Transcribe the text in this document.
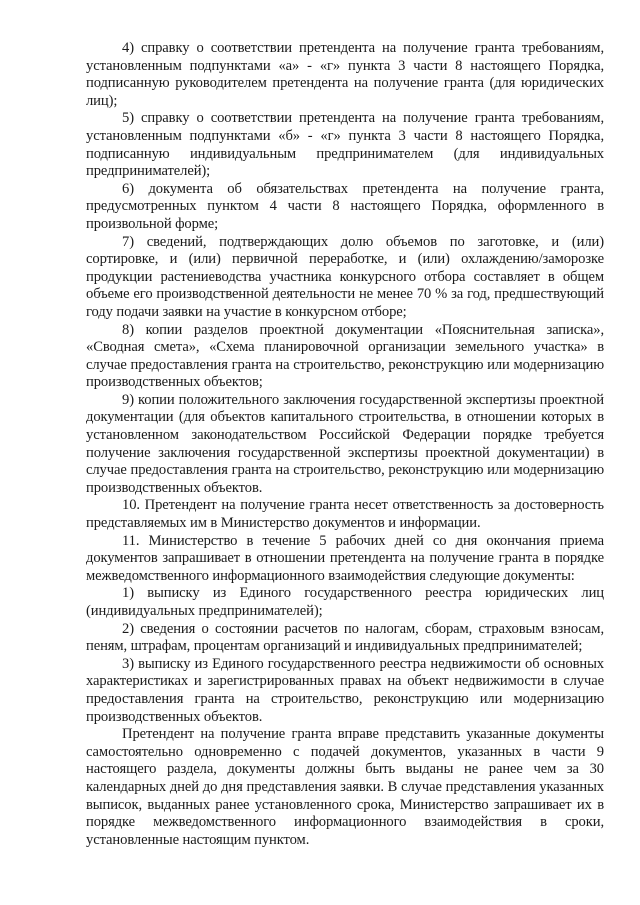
4) справку о соответствии претендента на получение гранта требованиям, установленным подпунктами «а» - «г» пункта 3 части 8 настоящего Порядка, подписанную руководителем претендента на получение гранта (для юридических лиц);

5) справку о соответствии претендента на получение гранта требованиям, установленным подпунктами «б» - «г» пункта 3 части 8 настоящего Порядка, подписанную индивидуальным предпринимателем (для индивидуальных предпринимателей);

6) документа об обязательствах претендента на получение гранта, предусмотренных пунктом 4 части 8 настоящего Порядка, оформленного в произвольной форме;

7) сведений, подтверждающих долю объемов по заготовке, и (или) сортировке, и (или) первичной переработке, и (или) охлаждению/заморозке продукции растениеводства участника конкурсного отбора составляет в общем объеме его производственной деятельности не менее 70 % за год, предшествующий году подачи заявки на участие в конкурсном отборе;

8) копии разделов проектной документации «Пояснительная записка», «Сводная смета», «Схема планировочной организации земельного участка» в случае предоставления гранта на строительство, реконструкцию или модернизацию производственных объектов;

9) копии положительного заключения государственной экспертизы проектной документации (для объектов капитального строительства, в отношении которых в установленном законодательством Российской Федерации порядке требуется получение заключения государственной экспертизы проектной документации) в случае предоставления гранта на строительство, реконструкцию или модернизацию производственных объектов.

10. Претендент на получение гранта несет ответственность за достоверность представляемых им в Министерство документов и информации.

11. Министерство в течение 5 рабочих дней со дня окончания приема документов запрашивает в отношении претендента на получение гранта в порядке межведомственного информационного взаимодействия следующие документы:

1) выписку из Единого государственного реестра юридических лиц (индивидуальных предпринимателей);

2) сведения о состоянии расчетов по налогам, сборам, страховым взносам, пеням, штрафам, процентам организаций и индивидуальных предпринимателей;

3) выписку из Единого государственного реестра недвижимости об основных характеристиках и зарегистрированных правах на объект недвижимости в случае предоставления гранта на строительство, реконструкцию или модернизацию производственных объектов.

Претендент на получение гранта вправе представить указанные документы самостоятельно одновременно с подачей документов, указанных в части 9 настоящего раздела, документы должны быть выданы не ранее чем за 30 календарных дней до дня представления заявки. В случае представления указанных выписок, выданных ранее установленного срока, Министерство запрашивает их в порядке межведомственного информационного взаимодействия в сроки, установленные настоящим пунктом.
